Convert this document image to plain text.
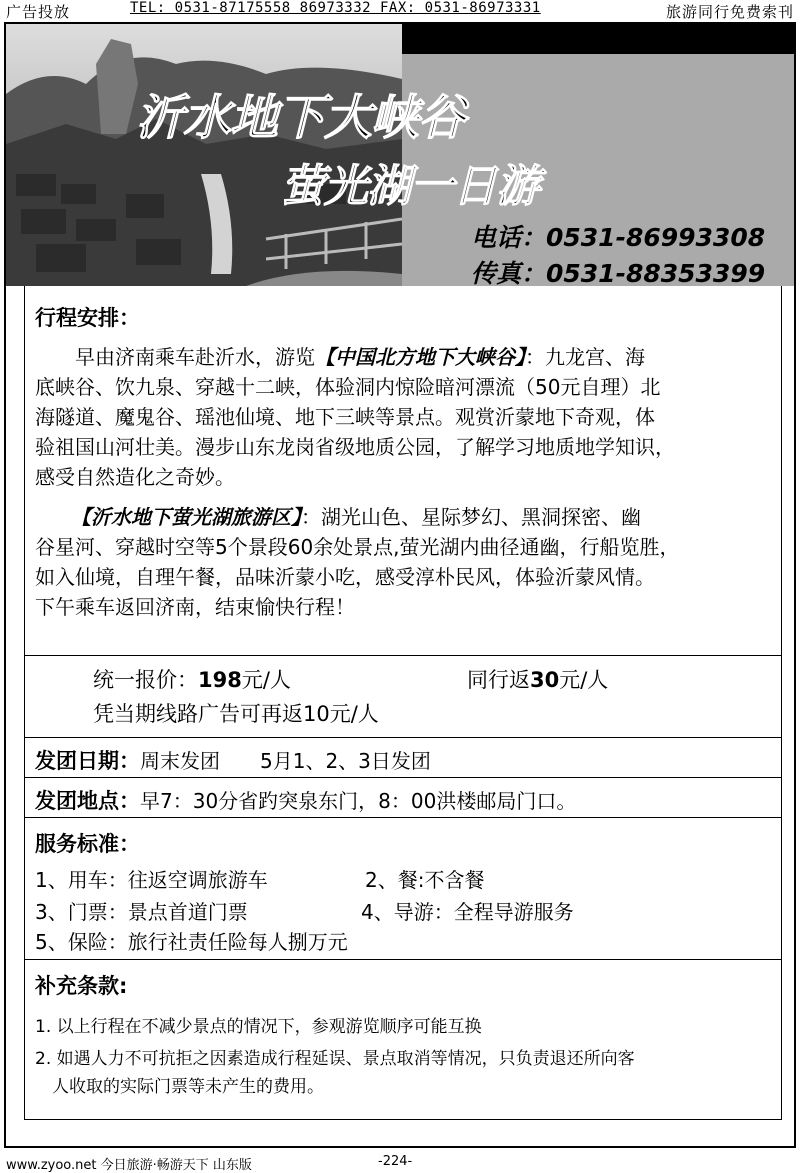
广告投放	TEL: 0531-87175558 86973332 FAX: 0531-86973331	旅游同行免费索刊
沂水地下大峡谷
萤光湖一日游
电话：0531-86993308
传真：0531-88353399
行程安排：
　　早由济南乘车赴沂水，游览【中国北方地下大峡谷】：九龙宫、海
底峡谷、饮九泉、穿越十二峡，体验洞内惊险暗河漂流（50元自理）北
海隧道、魔鬼谷、瑶池仙境、地下三峡等景点。观赏沂蒙地下奇观，体
验祖国山河壮美。漫步山东龙岗省级地质公园，了解学习地质地学知识，
感受自然造化之奇妙。
【沂水地下萤光湖旅游区】：湖光山色、星际梦幻、黑洞探密、幽
谷星河、穿越时空等5个景段60余处景点,萤光湖内曲径通幽，行船览胜，
如入仙境，自理午餐，品味沂蒙小吃，感受淳朴民风，体验沂蒙风情。
下午乘车返回济南，结束愉快行程！
统一报价：198元/人	同行返30元/人
凭当期线路广告可再返10元/人
发团日期：周末发团　　5月1、2、3日发团
发团地点：早7：30分省趵突泉东门，8：00洪楼邮局门口。
服务标准：
1、用车：往返空调旅游车	2、餐:不含餐
3、门票：景点首道门票	4、导游：全程导游服务
5、保险：旅行社责任险每人捌万元
补充条款:
1. 以上行程在不减少景点的情况下，参观游览顺序可能互换
2. 如遇人力不可抗拒之因素造成行程延误、景点取消等情况，只负责退还所向客
　人收取的实际门票等未产生的费用。
www.zyoo.net 今日旅游·畅游天下 山东版	-224-
